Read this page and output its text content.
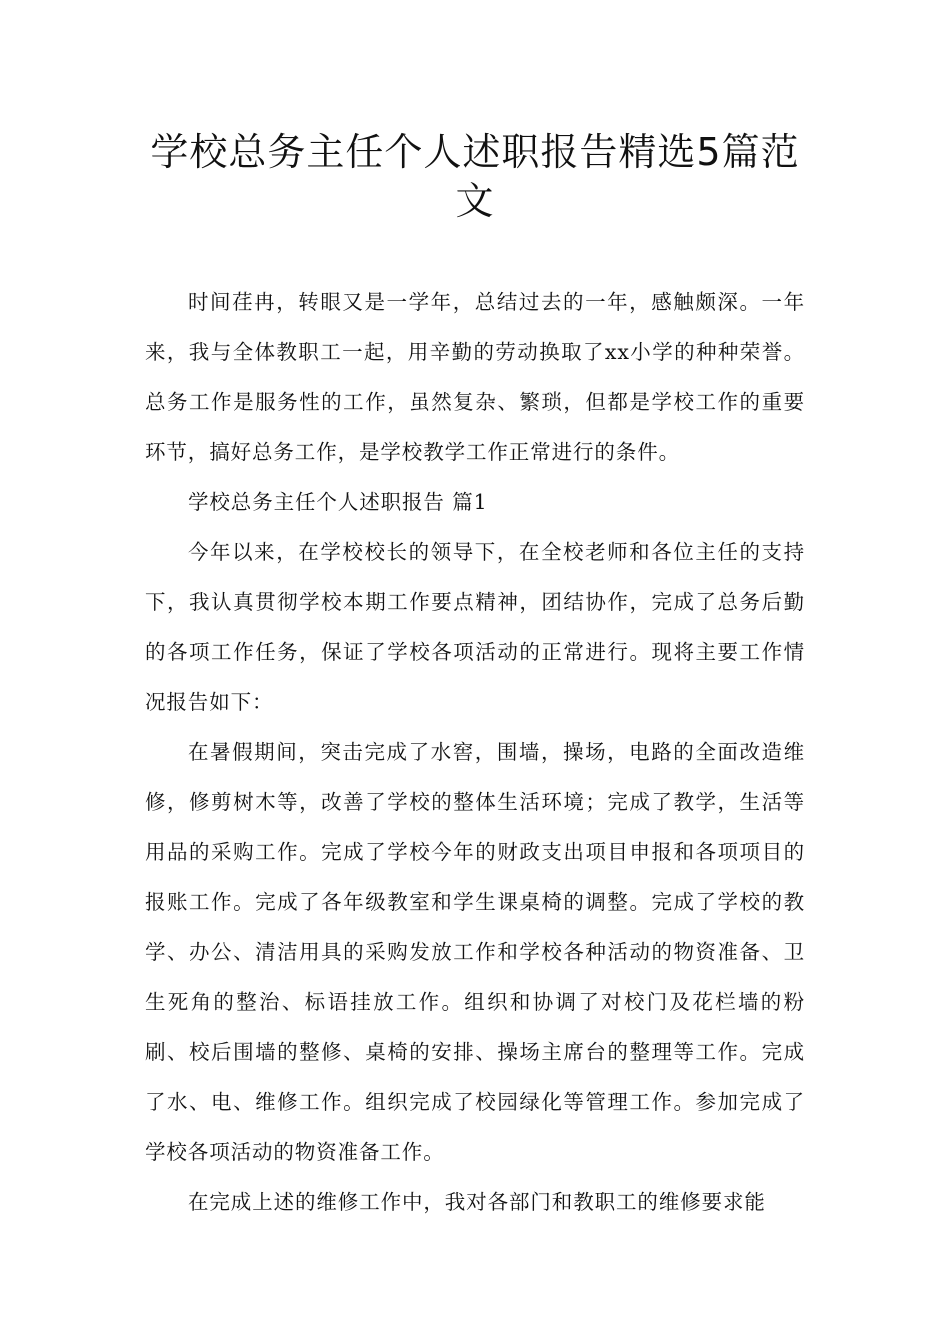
学校总务主任个人述职报告精选5篇范文

时间荏冉，转眼又是一学年，总结过去的一年，感触颇深。一年来，我与全体教职工一起，用辛勤的劳动换取了xx小学的种种荣誉。总务工作是服务性的工作，虽然复杂、繁琐，但都是学校工作的重要环节，搞好总务工作，是学校教学工作正常进行的条件。

学校总务主任个人述职报告 篇1

今年以来，在学校校长的领导下，在全校老师和各位主任的支持下，我认真贯彻学校本期工作要点精神，团结协作，完成了总务后勤的各项工作任务，保证了学校各项活动的正常进行。现将主要工作情况报告如下：

在暑假期间，突击完成了水窖，围墙，操场，电路的全面改造维修，修剪树木等，改善了学校的整体生活环境；完成了教学，生活等用品的采购工作。完成了学校今年的财政支出项目申报和各项项目的报账工作。完成了各年级教室和学生课桌椅的调整。完成了学校的教学、办公、清洁用具的采购发放工作和学校各种活动的物资准备、卫生死角的整治、标语挂放工作。组织和协调了对校门及花栏墙的粉刷、校后围墙的整修、桌椅的安排、操场主席台的整理等工作。完成了水、电、维修工作。组织完成了校园绿化等管理工作。参加完成了学校各项活动的物资准备工作。

在完成上述的维修工作中，我对各部门和教职工的维修要求能
